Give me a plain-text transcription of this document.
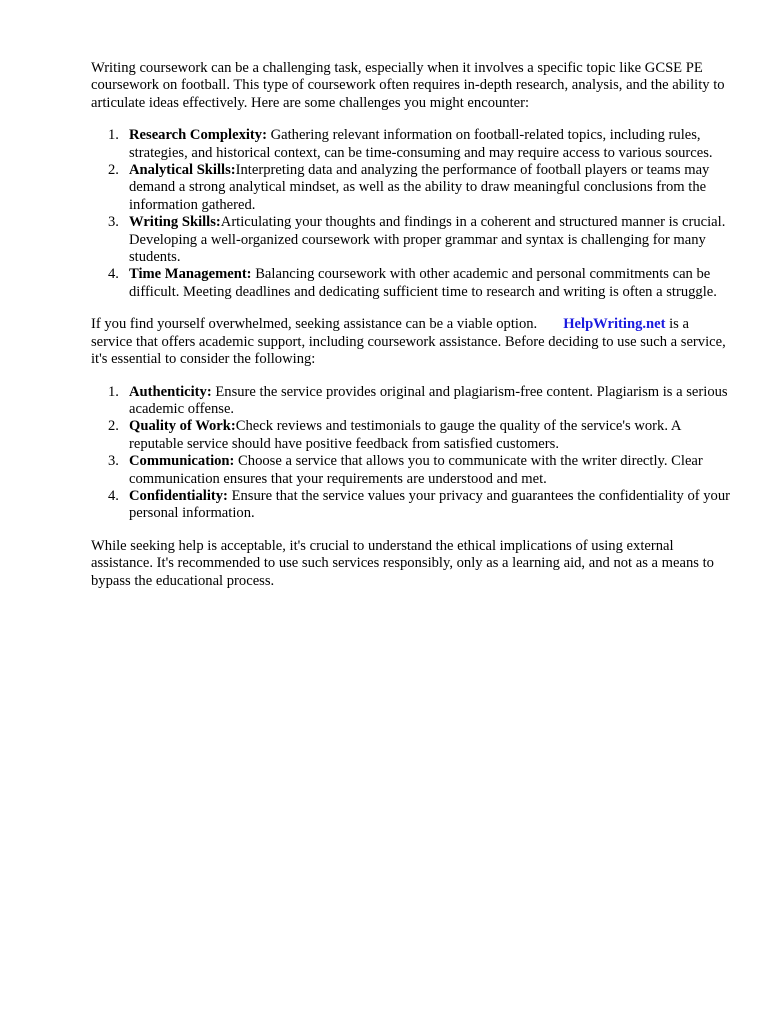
Writing coursework can be a challenging task, especially when it involves a specific topic like GCSE PE coursework on football. This type of coursework often requires in-depth research, analysis, and the ability to articulate ideas effectively. Here are some challenges you might encounter:

1. Research Complexity: Gathering relevant information on football-related topics, including rules, strategies, and historical context, can be time-consuming and may require access to various sources.
2. Analytical Skills:Interpreting data and analyzing the performance of football players or teams may demand a strong analytical mindset, as well as the ability to draw meaningful conclusions from the information gathered.
3. Writing Skills:Articulating your thoughts and findings in a coherent and structured manner is crucial. Developing a well-organized coursework with proper grammar and syntax is challenging for many students.
4. Time Management: Balancing coursework with other academic and personal commitments can be difficult. Meeting deadlines and dedicating sufficient time to research and writing is often a struggle.

If you find yourself overwhelmed, seeking assistance can be a viable option. HelpWriting.net is a service that offers academic support, including coursework assistance. Before deciding to use such a service, it's essential to consider the following:

1. Authenticity: Ensure the service provides original and plagiarism-free content. Plagiarism is a serious academic offense.
2. Quality of Work:Check reviews and testimonials to gauge the quality of the service's work. A reputable service should have positive feedback from satisfied customers.
3. Communication: Choose a service that allows you to communicate with the writer directly. Clear communication ensures that your requirements are understood and met.
4. Confidentiality: Ensure that the service values your privacy and guarantees the confidentiality of your personal information.

While seeking help is acceptable, it's crucial to understand the ethical implications of using external assistance. It's recommended to use such services responsibly, only as a learning aid, and not as a means to bypass the educational process.
